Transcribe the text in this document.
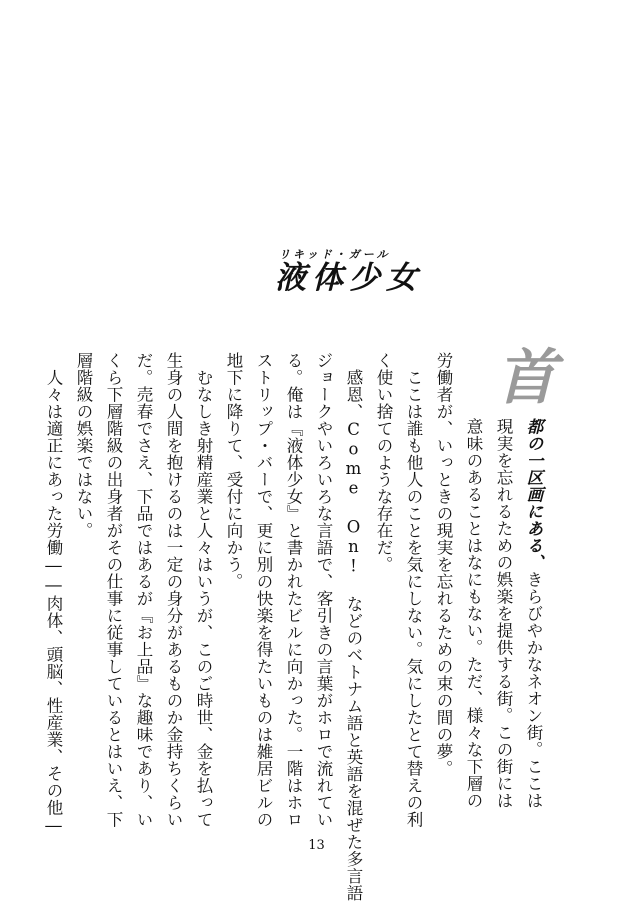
リキッド・ガール
液体少女
首
都の一区画にある、きらびやかなネオン街。ここは
現実を忘れるための娯楽を提供する街。この街には
意味のあることはなにもない。ただ、様々な下層の
労働者が、いっときの現実を忘れるための束の間の夢。
　ここは誰も他人のことを気にしない。気にしたとて替えの利
く使い捨てのような存在だ。
　感恩、Come On! などのベトナム語と英語を混ぜた多言語
ジョークやいろいろな言語で、客引きの言葉がホロで流れてい
る。俺は『液体少女』と書かれたビルに向かった。一階はホロ
ストリップ・バーで、更に別の快楽を得たいものは雑居ビルの
地下に降りて、受付に向かう。
　むなしき射精産業と人々はいうが、このご時世、金を払って
生身の人間を抱けるのは一定の身分があるものか金持ちくらい
だ。売春でさえ、下品ではあるが『お上品』な趣味であり、い
くら下層階級の出身者がその仕事に従事しているとはいえ、下
層階級の娯楽ではない。
　人々は適正にあった労働――肉体、頭脳、性産業、その他―
13
